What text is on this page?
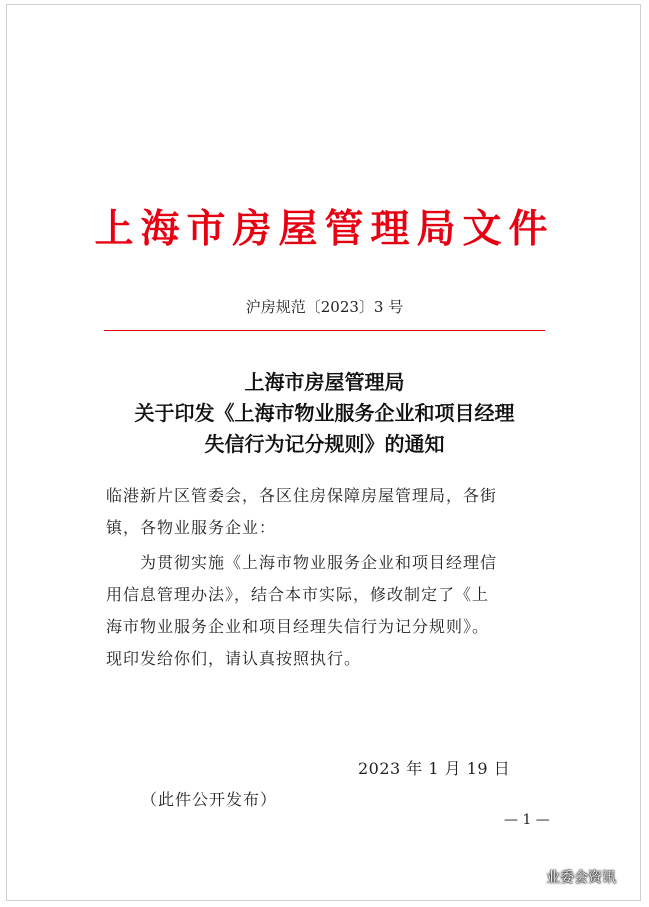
上海市房屋管理局文件
沪房规范〔2023〕3 号
上海市房屋管理局
关于印发《上海市物业服务企业和项目经理
失信行为记分规则》的通知
临港新片区管委会，各区住房保障房屋管理局，各街
镇，各物业服务企业：
为贯彻实施《上海市物业服务企业和项目经理信
用信息管理办法》，结合本市实际，修改制定了《上
海市物业服务企业和项目经理失信行为记分规则》。
现印发给你们，请认真按照执行。
2023 年 1 月 19 日
（此件公开发布）
— 1 —
业委会资讯
